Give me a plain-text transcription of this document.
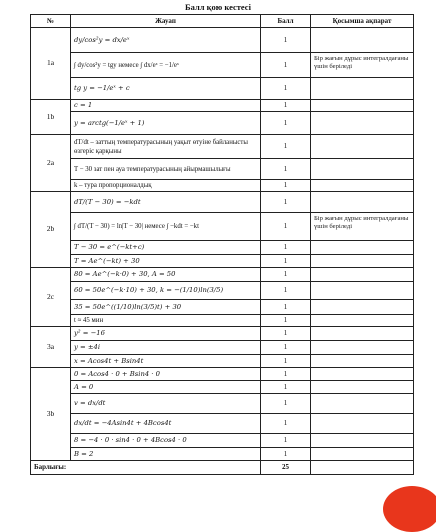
Балл қою кестесі
№	Жауап	Балл	Қосымша ақпарат
1a	dy/cos²y = dx/eˣ	1	
	∫ dy/cos²y = tgy немесе ∫ dx/eˣ = −1/eˣ	1	Бір жағын дұрыс интегралдағаны үшін беріледі
	tg y = −1/eˣ + c	1	
1b	c = 1	1	
	y = arctg(−1/eˣ + 1)	1	
2a	dT/dt – заттың температурасының уақыт өтуіне байланысты өзгеріс қарқыны	1	
	T − 30 зат пен ауа температурасының айырмашылығы	1	
	k – тура пропорционалдық	1	
2b	dT/(T − 30) = −kdt	1	
	∫ dT/(T − 30) = ln|T − 30| немесе ∫ −kdt = −kt	1	Бір жағын дұрыс интегралдағаны үшін беріледі
	T − 30 = e^(−kt+c)	1	
	T = Ae^(−kt) + 30	1	
2c	80 = Ae^(−k·0) + 30, A = 50	1	
	60 = 50e^(−k·10) + 30, k = −(1/10)ln(3/5)	1	
	35 = 50e^((1/10)ln(3/5)t) + 30	1	
	t ≈ 45 мин	1	
3a	y² = −16	1	
	y = ±4i	1	
	x = Acos4t + Bsin4t	1	
3b	0 = Acos4 · 0 + Bsin4 · 0	1	
	A = 0	1	
	v = dx/dt	1	
	dx/dt = −4Asin4t + 4Bcos4t	1	
	8 = −4 · 0 · sin4 · 0 + 4Bcos4 · 0	1	
	B = 2	1	
Барлығы:		25	
